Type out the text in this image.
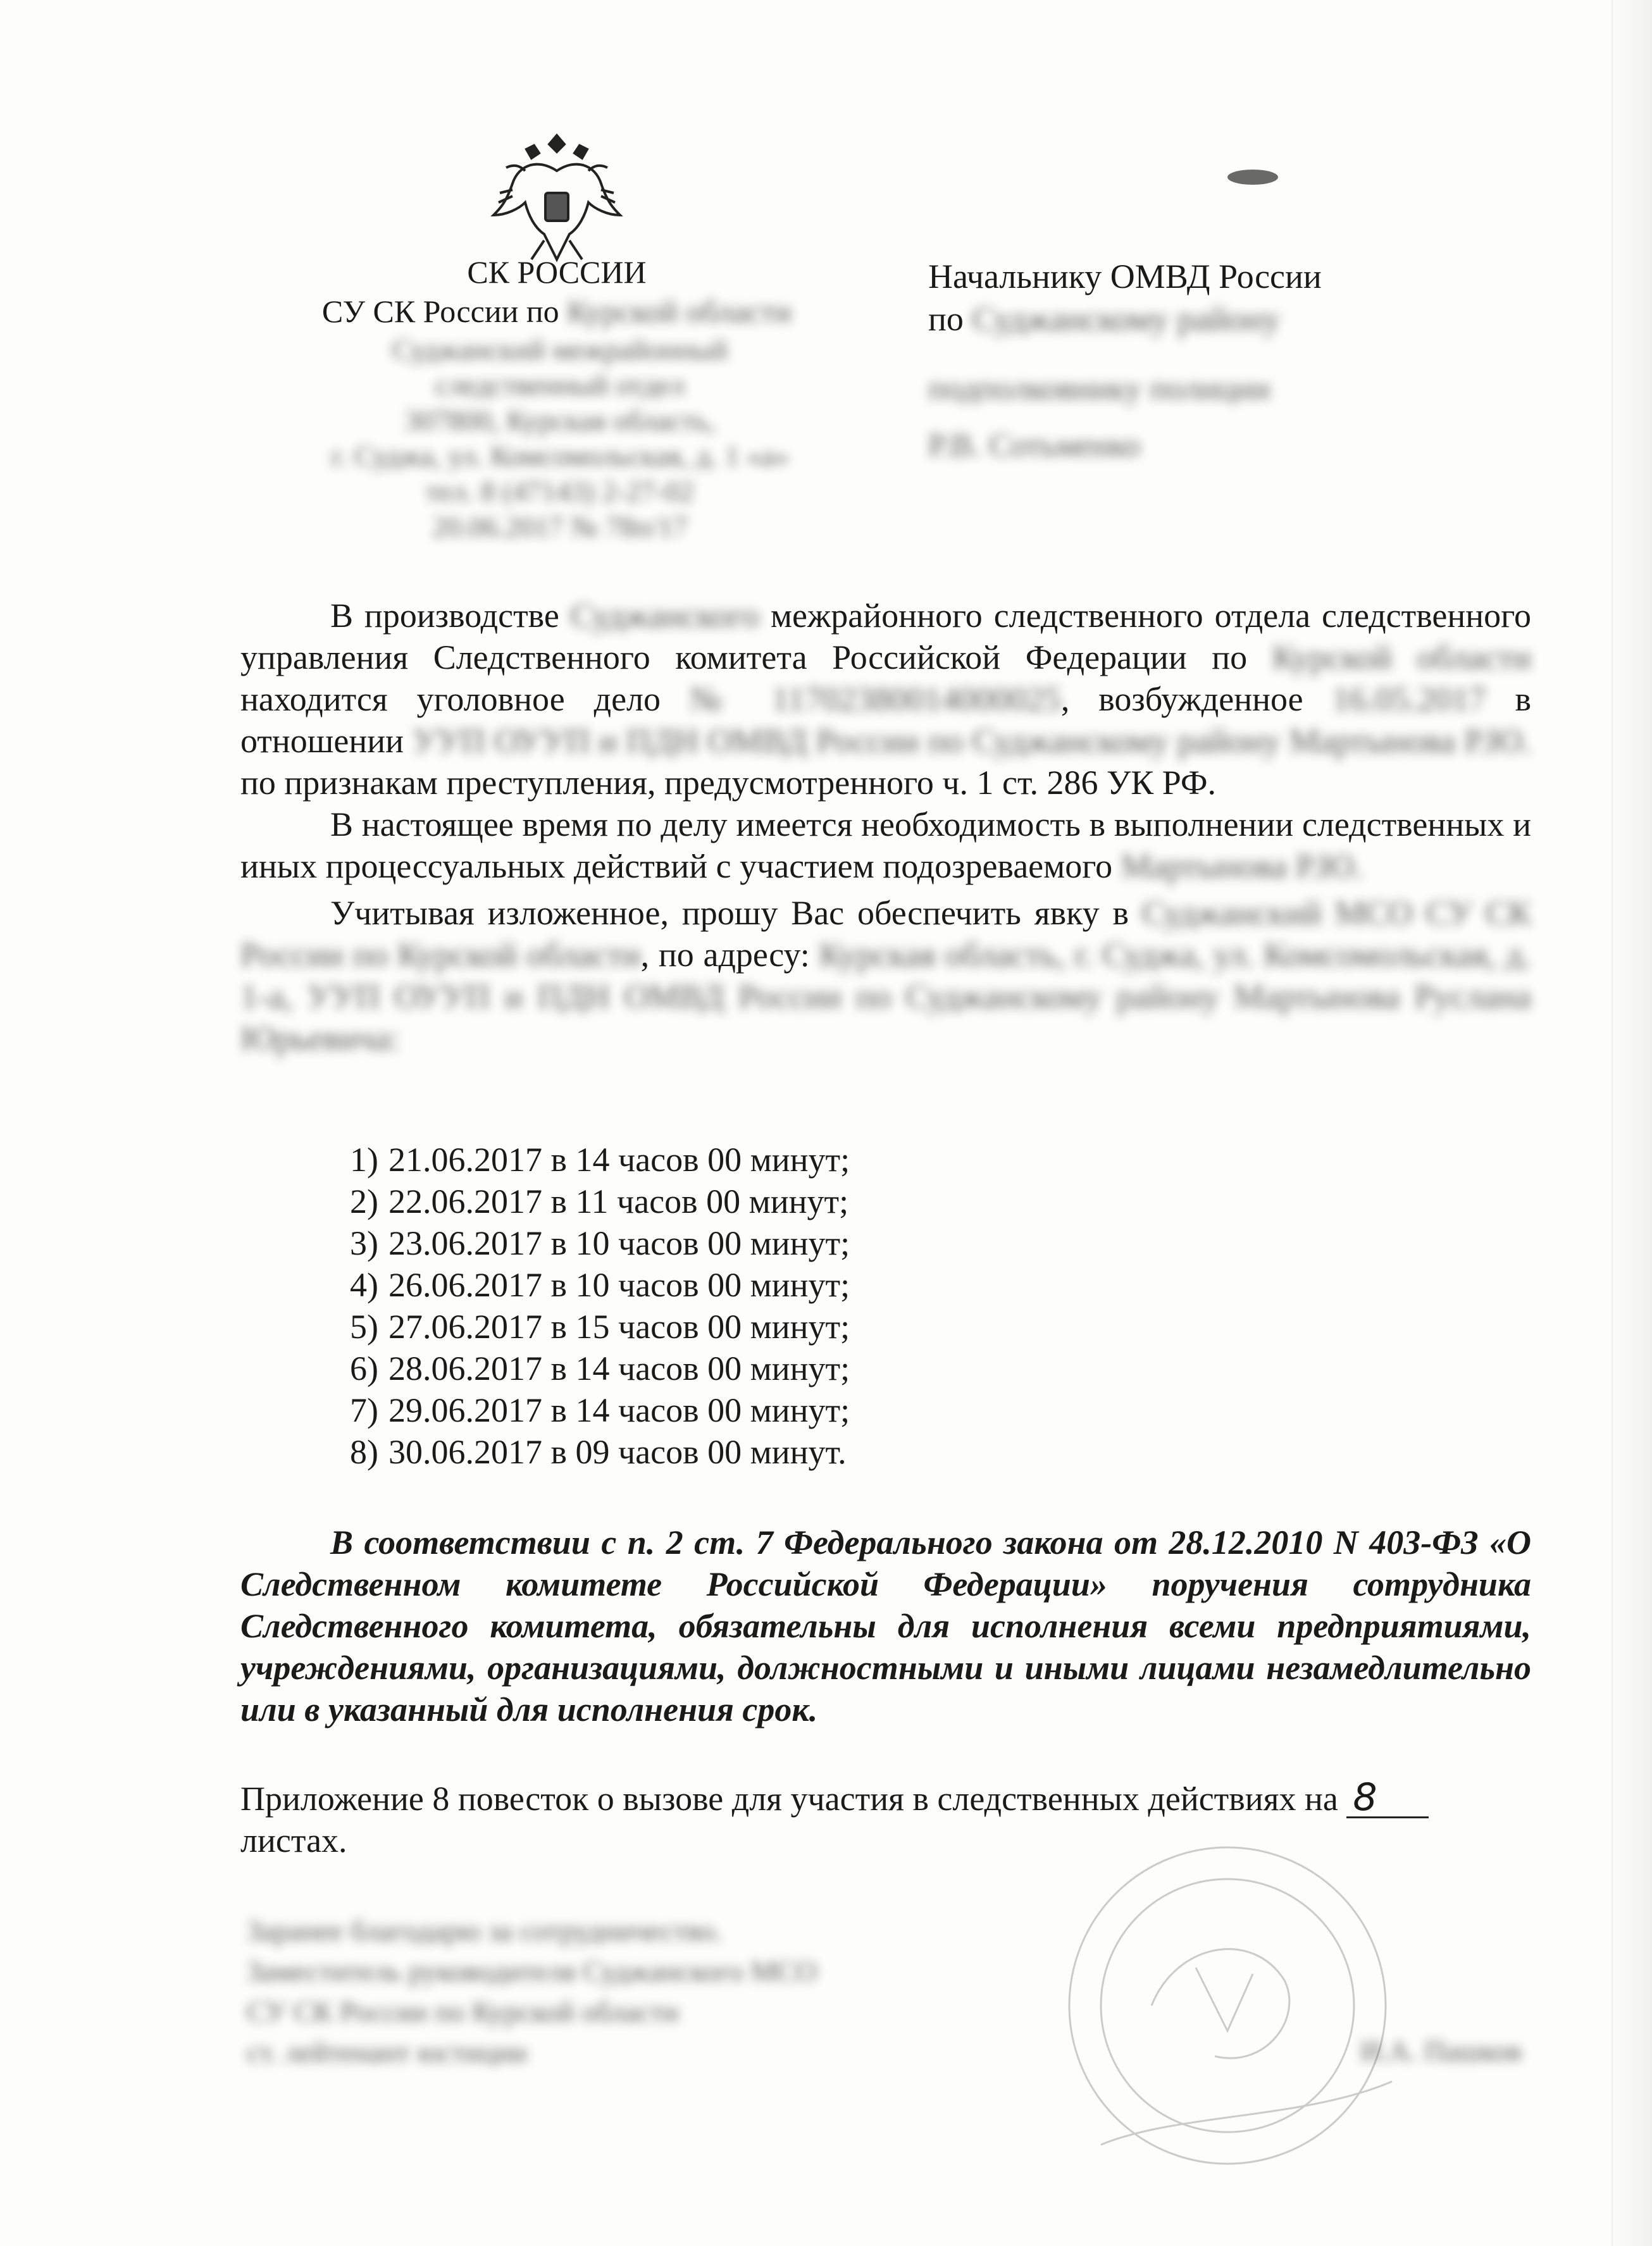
СК РОССИИ
СУ СК России по Курской области
Суджанский межрайонный
следственный отдел
307800, Курская область,
г. Суджа, ул. Комсомольская, д. 1 «а»
тел. 8 (47143) 2-27-02
20.06.2017 № 78п/17
Начальнику ОМВД России
по Суджанскому району
подполковнику полиции
Р.В. Сотьменко

В производстве Суджанского межрайонного следственного отдела следственного управления Следственного комитета Российской Федерации по Курской области находится уголовное дело № 11702380014000025, возбужденное 16.05.2017 в отношении УУП ОУУП и ПДН ОМВД России по Суджанскому району Мартынова Р.Ю. по признакам преступления, предусмотренного ч. 1 ст. 286 УК РФ.

В настоящее время по делу имеется необходимость в выполнении следственных и иных процессуальных действий с участием подозреваемого Мартынова Р.Ю.

Учитывая изложенное, прошу Вас обеспечить явку в Суджанский МСО СУ СК России по Курской области, по адресу: Курская область, г. Суджа, ул. Комсомольская, д. 1-а, УУП ОУУП и ПДН ОМВД России по Суджанскому району Мартынова Руслана Юрьевича:

1) 21.06.2017 в 14 часов 00 минут;
2) 22.06.2017 в 11 часов 00 минут;
3) 23.06.2017 в 10 часов 00 минут;
4) 26.06.2017 в 10 часов 00 минут;
5) 27.06.2017 в 15 часов 00 минут;
6) 28.06.2017 в 14 часов 00 минут;
7) 29.06.2017 в 14 часов 00 минут;
8) 30.06.2017 в 09 часов 00 минут.

В соответствии с п. 2 ст. 7 Федерального закона от 28.12.2010 N 403-ФЗ «О Следственном комитете Российской Федерации» поручения сотрудника Следственного комитета, обязательны для исполнения всеми предприятиями, учреждениями, организациями, должностными и иными лицами незамедлительно или в указанный для исполнения срок.

Приложение 8 повесток о вызове для участия в следственных действиях на 8
листах.
Заранее благодарю за сотрудничество.
Заместитель руководителя Суджанского МСО
СУ СК России по Курской области
ст. лейтенант юстиции	И.А. Пашков
